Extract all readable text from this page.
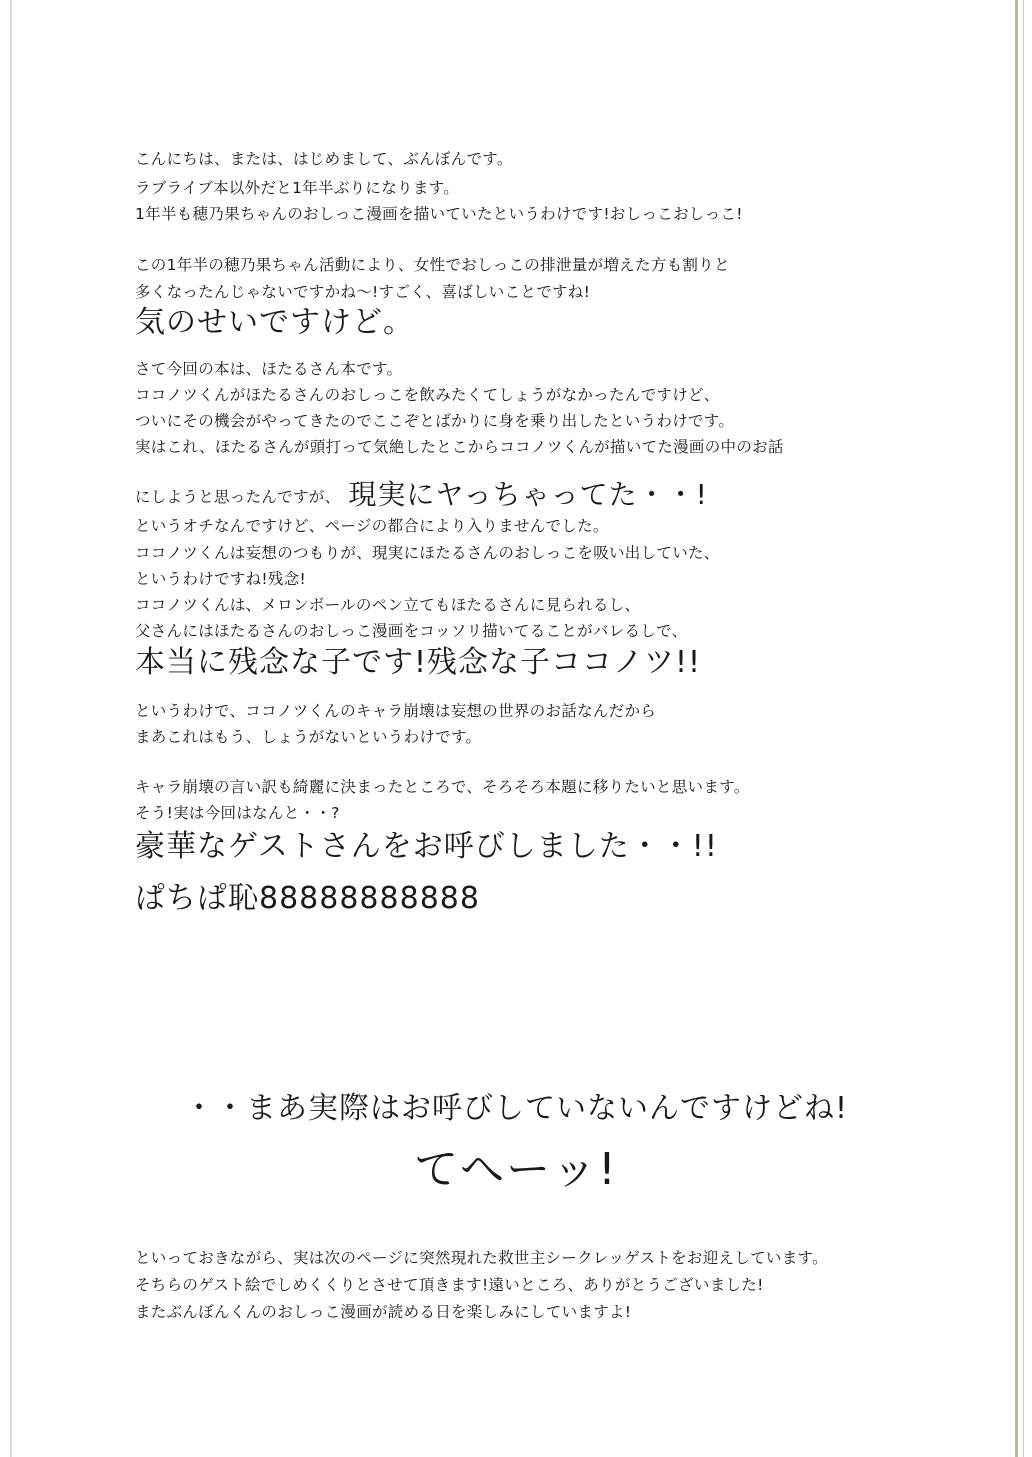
こんにちは、または、はじめまして、ぶんぼんです。
ラブライブ本以外だと1年半ぶりになります。
1年半も穂乃果ちゃんのおしっこ漫画を描いていたというわけです!おしっこおしっこ!
この1年半の穂乃果ちゃん活動により、女性でおしっこの排泄量が増えた方も割りと
多くなったんじゃないですかね～!すごく、喜ばしいことですね!
気のせいですけど。
さて今回の本は、ほたるさん本です。
ココノツくんがほたるさんのおしっこを飲みたくてしょうがなかったんですけど、
ついにその機会がやってきたのでここぞとばかりに身を乗り出したというわけです。
実はこれ、ほたるさんが頭打って気絶したとこからココノツくんが描いてた漫画の中のお話
にしようと思ったんですが、 現実にヤっちゃってた・・!
というオチなんですけど、ページの都合により入りませんでした。
ココノツくんは妄想のつもりが、現実にほたるさんのおしっこを吸い出していた、
というわけですね!残念!
ココノツくんは、メロンボールのペン立てもほたるさんに見られるし、
父さんにはほたるさんのおしっこ漫画をコッソリ描いてることがバレるしで、
本当に残念な子です!残念な子ココノツ!!
というわけで、ココノツくんのキャラ崩壊は妄想の世界のお話なんだから
まあこれはもう、しょうがないというわけです。
キャラ崩壊の言い訳も綺麗に決まったところで、そろそろ本題に移りたいと思います。
そう!実は今回はなんと・・?
豪華なゲストさんをお呼びしました・・!!
ぱちぱ恥88888888888
・・まあ実際はお呼びしていないんですけどね!
てへーッ!
といっておきながら、実は次のページに突然現れた救世主シークレッゲストをお迎えしています。
そちらのゲスト絵でしめくくりとさせて頂きます!遠いところ、ありがとうございました!
またぶんぼんくんのおしっこ漫画が読める日を楽しみにしていますよ!
